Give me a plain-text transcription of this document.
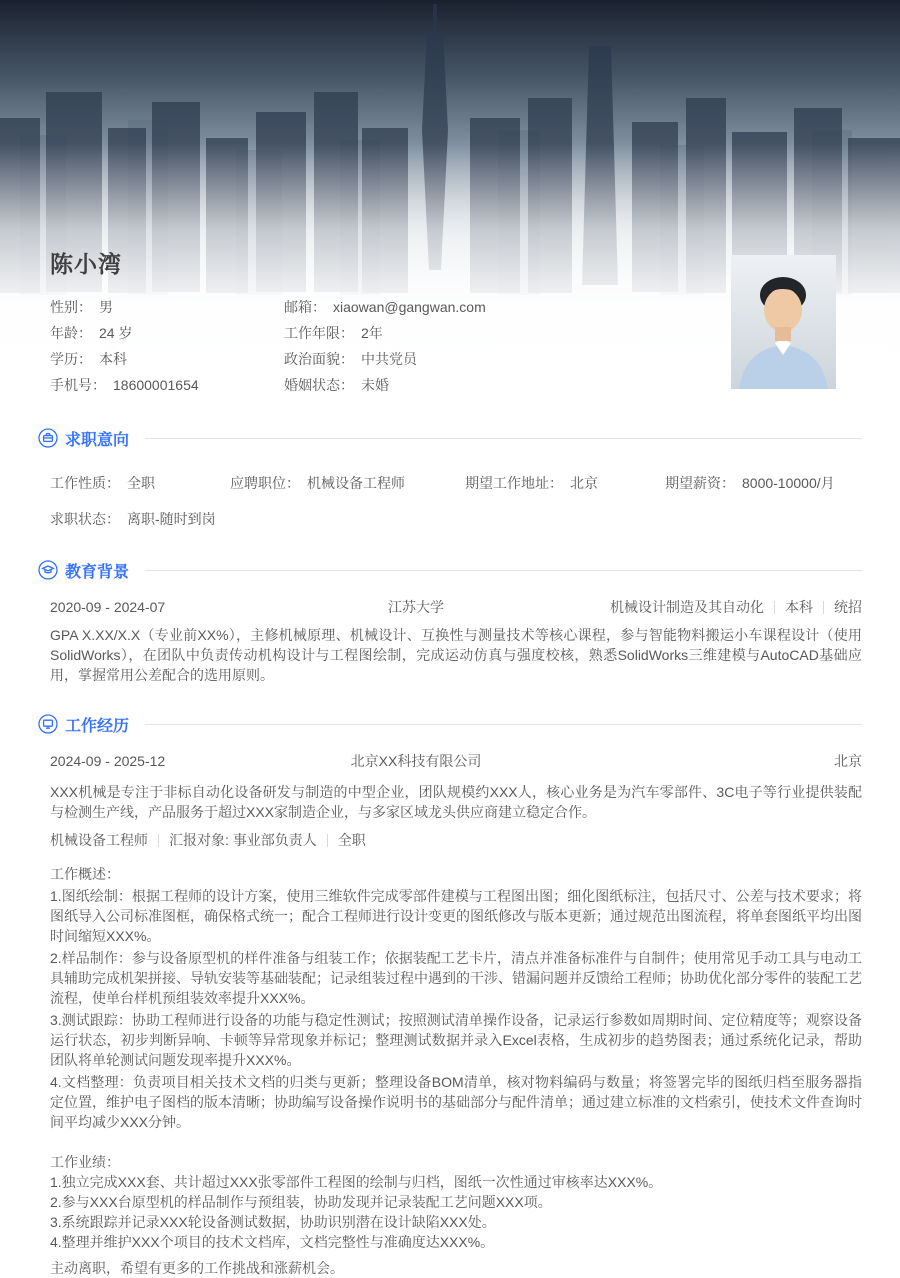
陈小湾
性别： 男
年龄： 24 岁
学历： 本科
手机号： 18600001654
邮箱： xiaowan@gangwan.com
工作年限： 2年
政治面貌： 中共党员
婚姻状态： 未婚
求职意向
工作性质： 全职	应聘职位： 机械设备工程师	期望工作地址： 北京	期望薪资： 8000-10000/月
求职状态： 离职-随时到岗
教育背景
2020-09 - 2024-07	江苏大学	机械设计制造及其自动化 本科 统招

GPA X.XX/X.X（专业前XX%），主修机械原理、机械设计、互换性与测量技术等核心课程，参与智能物料搬运小车课程设计（使用SolidWorks），在团队中负责传动机构设计与工程图绘制，完成运动仿真与强度校核，熟悉SolidWorks三维建模与AutoCAD基础应用，掌握常用公差配合的选用原则。

工作经历
2024-09 - 2025-12	北京XX科技有限公司	北京

XXX机械是专注于非标自动化设备研发与制造的中型企业，团队规模约XXX人，核心业务是为汽车零部件、3C电子等行业提供装配与检测生产线，产品服务于超过XXX家制造企业，与多家区域龙头供应商建立稳定合作。

机械设备工程师 汇报对象: 事业部负责人 全职
工作概述：

1.图纸绘制：根据工程师的设计方案，使用三维软件完成零部件建模与工程图出图；细化图纸标注，包括尺寸、公差与技术要求；将图纸导入公司标准图框，确保格式统一；配合工程师进行设计变更的图纸修改与版本更新；通过规范出图流程，将单套图纸平均出图时间缩短XXX%。

2.样品制作：参与设备原型机的样件准备与组装工作；依据装配工艺卡片，清点并准备标准件与自制件；使用常见手动工具与电动工具辅助完成机架拼接、导轨安装等基础装配；记录组装过程中遇到的干涉、错漏问题并反馈给工程师；协助优化部分零件的装配工艺流程，使单台样机预组装效率提升XXX%。

3.测试跟踪：协助工程师进行设备的功能与稳定性测试；按照测试清单操作设备，记录运行参数如周期时间、定位精度等；观察设备运行状态，初步判断异响、卡顿等异常现象并标记；整理测试数据并录入Excel表格，生成初步的趋势图表；通过系统化记录，帮助团队将单轮测试问题发现率提升XXX%。

4.文档整理：负责项目相关技术文档的归类与更新；整理设备BOM清单，核对物料编码与数量；将签署完毕的图纸归档至服务器指定位置，维护电子图档的版本清晰；协助编写设备操作说明书的基础部分与配件清单；通过建立标准的文档索引，使技术文件查询时间平均减少XXX分钟。

工作业绩：

1.独立完成XXX套、共计超过XXX张零部件工程图的绘制与归档，图纸一次性通过审核率达XXX%。

2.参与XXX台原型机的样品制作与预组装，协助发现并记录装配工艺问题XXX项。

3.系统跟踪并记录XXX轮设备测试数据，协助识别潜在设计缺陷XXX处。

4.整理并维护XXX个项目的技术文档库，文档完整性与准确度达XXX%。

主动离职，希望有更多的工作挑战和涨薪机会。
